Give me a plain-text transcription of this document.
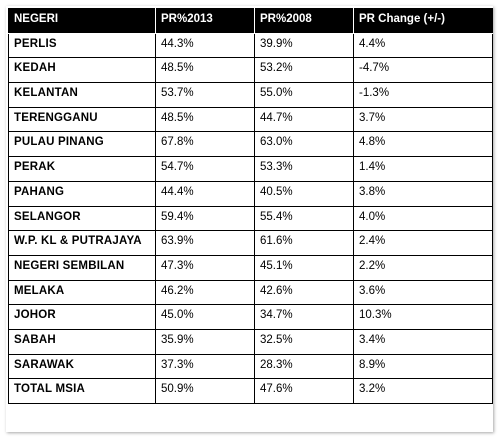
NEGERI	PR%2013	PR%2008	PR Change (+/-)
PERLIS	44.3%	39.9%	4.4%
KEDAH	48.5%	53.2%	-4.7%
KELANTAN	53.7%	55.0%	-1.3%
TERENGGANU	48.5%	44.7%	3.7%
PULAU PINANG	67.8%	63.0%	4.8%
PERAK	54.7%	53.3%	1.4%
PAHANG	44.4%	40.5%	3.8%
SELANGOR	59.4%	55.4%	4.0%
W.P. KL & PUTRAJAYA	63.9%	61.6%	2.4%
NEGERI SEMBILAN	47.3%	45.1%	2.2%
MELAKA	46.2%	42.6%	3.6%
JOHOR	45.0%	34.7%	10.3%
SABAH	35.9%	32.5%	3.4%
SARAWAK	37.3%	28.3%	8.9%
TOTAL MSIA	50.9%	47.6%	3.2%
